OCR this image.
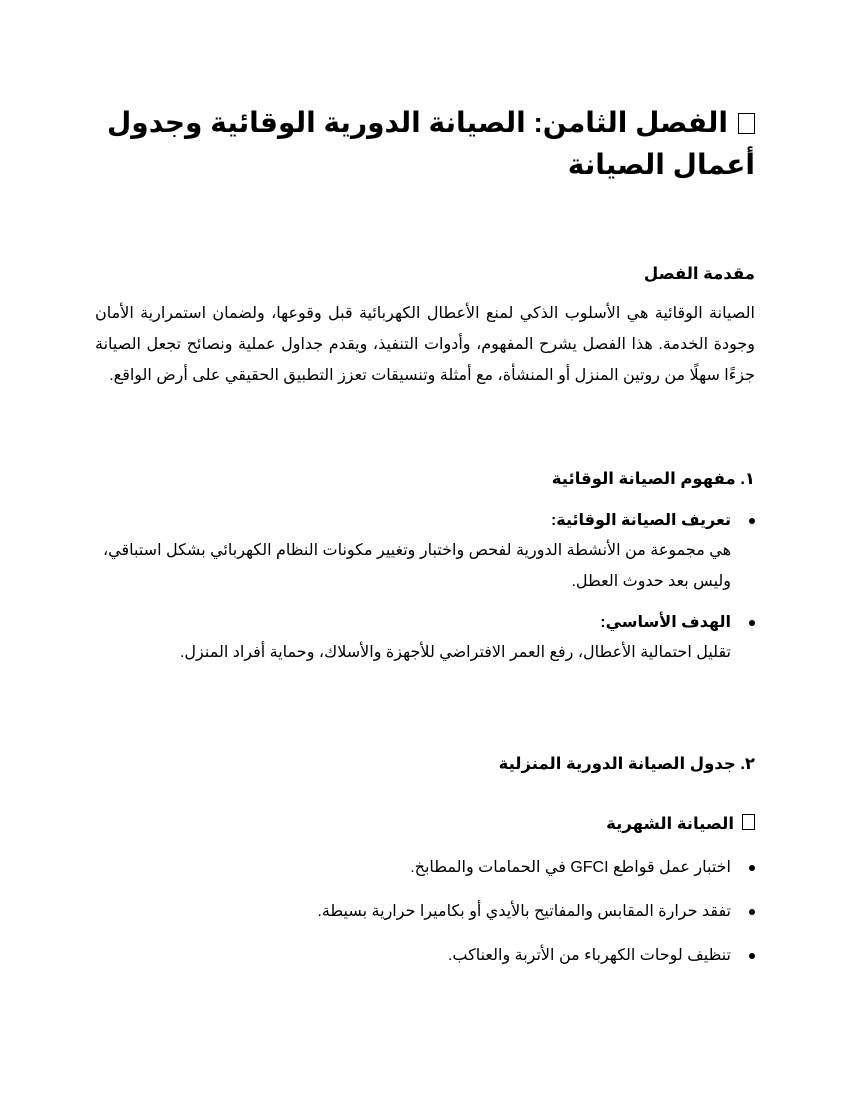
الفصل الثامن: الصيانة الدورية الوقائية وجدول أعمال الصيانة
مقدمة الفصل

الصيانة الوقائية هي الأسلوب الذكي لمنع الأعطال الكهربائية قبل وقوعها، ولضمان استمرارية الأمان وجودة الخدمة. هذا الفصل يشرح المفهوم، وأدوات التنفيذ، ويقدم جداول عملية ونصائح تجعل الصيانة جزءًا سهلًا من روتين المنزل أو المنشأة، مع أمثلة وتنسيقات تعزز التطبيق الحقيقي على أرض الواقع.

١. مفهوم الصيانة الوقائية
تعريف الصيانة الوقائية:
هي مجموعة من الأنشطة الدورية لفحص واختبار وتغيير مكونات النظام الكهربائي بشكل استباقي، وليس بعد حدوث العطل.
الهدف الأساسي:
تقليل احتمالية الأعطال، رفع العمر الافتراضي للأجهزة والأسلاك، وحماية أفراد المنزل.
٢. جدول الصيانة الدورية المنزلية
الصيانة الشهرية
اختبار عمل قواطع GFCI في الحمامات والمطابخ.
تفقد حرارة المقابس والمفاتيح بالأيدي أو بكاميرا حرارية بسيطة.
تنظيف لوحات الكهرباء من الأتربة والعناكب.
